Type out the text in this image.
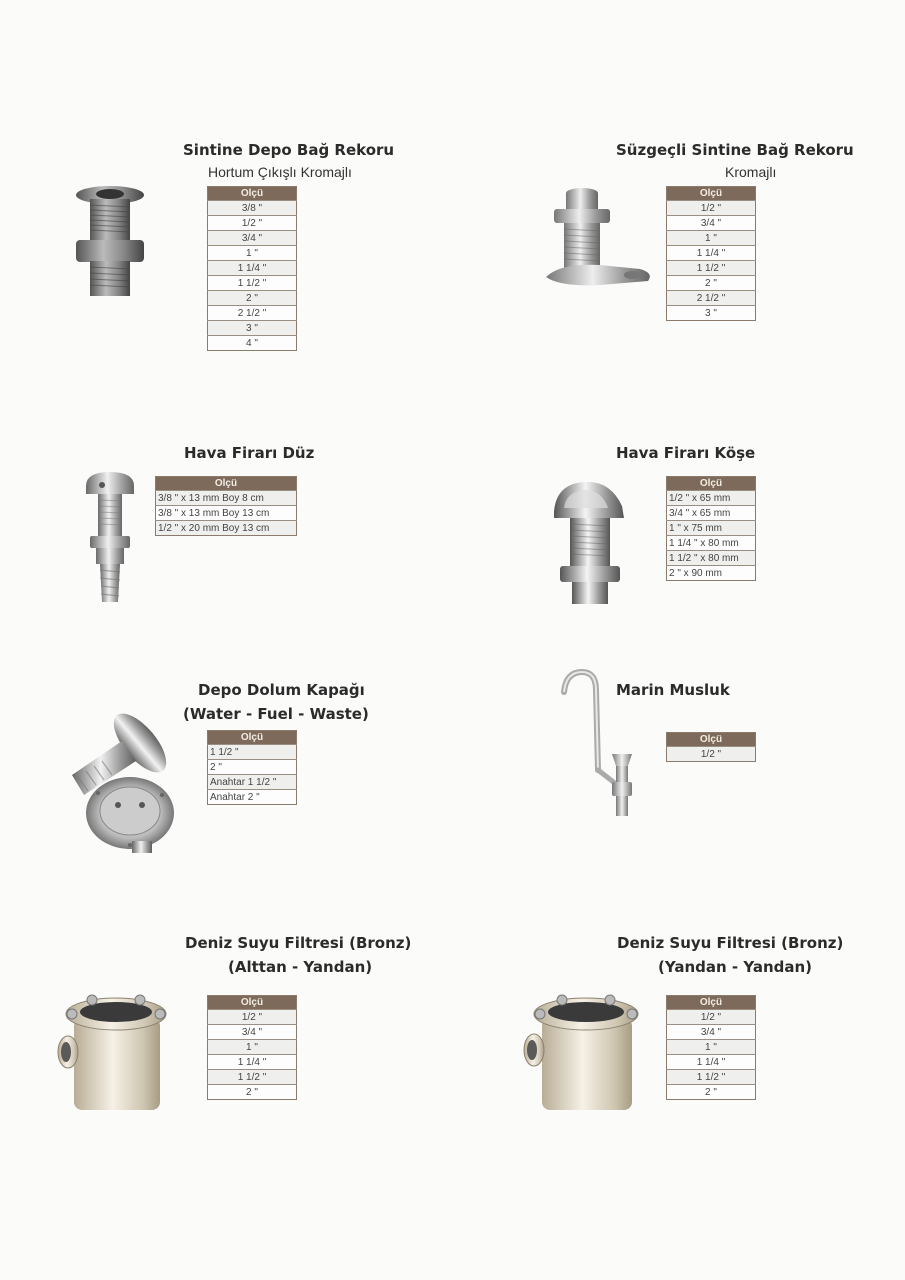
Sintine Depo Bağ Rekoru
Hortum Çıkışlı Kromajlı
Olçü
3/8 "
1/2 "
3/4 "
1 "
1 1/4 "
1 1/2 "
2 "
2 1/2 "
3 "
4 "
Süzgeçli Sintine Bağ Rekoru
Kromajlı
Olçü
1/2 "
3/4 "
1 "
1 1/4 "
1 1/2 "
2 "
2 1/2 "
3 "
Hava Firarı Düz
Olçü
3/8 " x 13 mm Boy 8 cm
3/8 " x 13 mm Boy 13 cm
1/2 " x 20 mm Boy 13 cm
Hava Firarı Köşe
Olçü
1/2 " x 65 mm
3/4 " x 65 mm
1 " x 75 mm
1 1/4 " x 80 mm
1 1/2 " x 80 mm
2 " x 90 mm
Depo Dolum Kapağı
(Water - Fuel - Waste)
Olçü
1 1/2 "
2 "
Anahtar 1 1/2 "
Anahtar 2 "
Marin Musluk
Olçü
1/2 "
Deniz Suyu Filtresi (Bronz)
(Alttan - Yandan)
Olçü
1/2 "
3/4 "
1 "
1 1/4 "
1 1/2 "
2 "
Deniz Suyu Filtresi (Bronz)
(Yandan - Yandan)
Olçü
1/2 "
3/4 "
1 "
1 1/4 "
1 1/2 "
2 "
